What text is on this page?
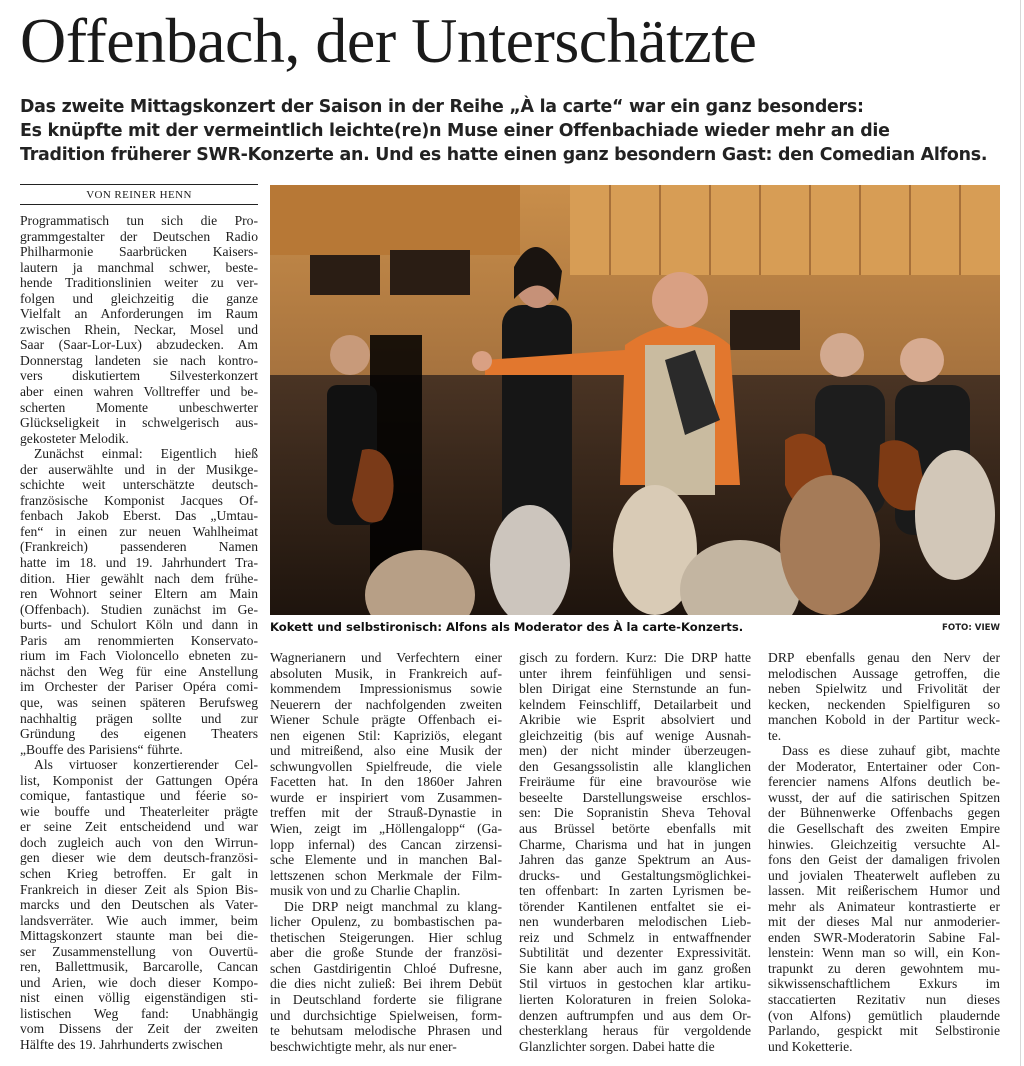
Offenbach, der Unterschätzte
Das zweite Mittagskonzert der Saison in der Reihe „À la carte“ war ein ganz besonders:
Es knüpfte mit der vermeintlich leichte(re)n Muse einer Offenbachiade wieder mehr an die
Tradition früherer SWR-Konzerte an. Und es hatte einen ganz besondern Gast: den Comedian Alfons.
VON REINER HENN
Programmatisch tun sich die Pro-
grammgestalter der Deutschen Radio
Philharmonie Saarbrücken Kaisers-
lautern ja manchmal schwer, beste-
hende Traditionslinien weiter zu ver-
folgen und gleichzeitig die ganze
Vielfalt an Anforderungen im Raum
zwischen Rhein, Neckar, Mosel und
Saar (Saar-Lor-Lux) abzudecken. Am
Donnerstag landeten sie nach kontro-
vers diskutiertem Silvesterkonzert
aber einen wahren Volltreffer und be-
scherten Momente unbeschwerter
Glückseligkeit in schwelgerisch aus-
gekosteter Melodik.
Zunächst einmal: Eigentlich hieß
der auserwählte und in der Musikge-
schichte weit unterschätzte deutsch-
französische Komponist Jacques Of-
fenbach Jakob Eberst. Das „Umtau-
fen“ in einen zur neuen Wahlheimat
(Frankreich) passenderen Namen
hatte im 18. und 19. Jahrhundert Tra-
dition. Hier gewählt nach dem frühe-
ren Wohnort seiner Eltern am Main
(Offenbach). Studien zunächst im Ge-
burts- und Schulort Köln und dann in
Paris am renommierten Konservato-
rium im Fach Violoncello ebneten zu-
nächst den Weg für eine Anstellung
im Orchester der Pariser Opéra comi-
que, was seinen späteren Berufsweg
nachhaltig prägen sollte und zur
Gründung des eigenen Theaters
„Bouffe des Parisiens“ führte.
Als virtuoser konzertierender Cel-
list, Komponist der Gattungen Opéra
comique, fantastique und féerie so-
wie bouffe und Theaterleiter prägte
er seine Zeit entscheidend und war
doch zugleich auch von den Wirrun-
gen dieser wie dem deutsch-französi-
schen Krieg betroffen. Er galt in
Frankreich in dieser Zeit als Spion Bis-
marcks und den Deutschen als Vater-
landsverräter. Wie auch immer, beim
Mittagskonzert staunte man bei die-
ser Zusammenstellung von Ouvertü-
ren, Ballettmusik, Barcarolle, Cancan
und Arien, wie doch dieser Kompo-
nist einen völlig eigenständigen sti-
listischen Weg fand: Unabhängig
vom Dissens der Zeit der zweiten
Hälfte des 19. Jahrhunderts zwischen
Wagnerianern und Verfechtern einer
absoluten Musik, in Frankreich auf-
kommendem Impressionismus sowie
Neuerern der nachfolgenden zweiten
Wiener Schule prägte Offenbach ei-
nen eigenen Stil: Kapriziös, elegant
und mitreißend, also eine Musik der
schwungvollen Spielfreude, die viele
Facetten hat. In den 1860er Jahren
wurde er inspiriert vom Zusammen-
treffen mit der Strauß-Dynastie in
Wien, zeigt im „Höllengalopp“ (Ga-
lopp infernal) des Cancan zirzensi-
sche Elemente und in manchen Bal-
lettszenen schon Merkmale der Film-
musik von und zu Charlie Chaplin.
Die DRP neigt manchmal zu klang-
licher Opulenz, zu bombastischen pa-
thetischen Steigerungen. Hier schlug
aber die große Stunde der französi-
schen Gastdirigentin Chloé Dufresne,
die dies nicht zuließ: Bei ihrem Debüt
in Deutschland forderte sie filigrane
und durchsichtige Spielweisen, form-
te behutsam melodische Phrasen und
beschwichtigte mehr, als nur ener-
gisch zu fordern. Kurz: Die DRP hatte
unter ihrem feinfühligen und sensi-
blen Dirigat eine Sternstunde an fun-
kelndem Feinschliff, Detailarbeit und
Akribie wie Esprit absolviert und
gleichzeitig (bis auf wenige Ausnah-
men) der nicht minder überzeugen-
den Gesangssolistin alle klanglichen
Freiräume für eine bravouröse wie
beseelte Darstellungsweise erschlos-
sen: Die Sopranistin Sheva Tehoval
aus Brüssel betörte ebenfalls mit
Charme, Charisma und hat in jungen
Jahren das ganze Spektrum an Aus-
drucks- und Gestaltungsmöglichkei-
ten offenbart: In zarten Lyrismen be-
törender Kantilenen entfaltet sie ei-
nen wunderbaren melodischen Lieb-
reiz und Schmelz in entwaffnender
Subtilität und dezenter Expressivität.
Sie kann aber auch im ganz großen
Stil virtuos in gestochen klar artiku-
lierten Koloraturen in freien Soloka-
denzen auftrumpfen und aus dem Or-
chesterklang heraus für vergoldende
Glanzlichter sorgen. Dabei hatte die
DRP ebenfalls genau den Nerv der
melodischen Aussage getroffen, die
neben Spielwitz und Frivolität der
kecken, neckenden Spielfiguren so
manchen Kobold in der Partitur weck-
te.
Dass es diese zuhauf gibt, machte
der Moderator, Entertainer oder Con-
ferencier namens Alfons deutlich be-
wusst, der auf die satirischen Spitzen
der Bühnenwerke Offenbachs gegen
die Gesellschaft des zweiten Empire
hinwies. Gleichzeitig versuchte Al-
fons den Geist der damaligen frivolen
und jovialen Theaterwelt aufleben zu
lassen. Mit reißerischem Humor und
mehr als Animateur kontrastierte er
mit der dieses Mal nur anmoderier-
enden SWR-Moderatorin Sabine Fal-
lenstein: Wenn man so will, ein Kon-
trapunkt zu deren gewohntem mu-
sikwissenschaftlichem Exkurs im
staccatierten Rezitativ nun dieses
(von Alfons) gemütlich plaudernde
Parlando, gespickt mit Selbstironie
und Koketterie.
Kokett und selbstironisch: Alfons als Moderator des À la carte-Konzerts.	FOTO: VIEW
